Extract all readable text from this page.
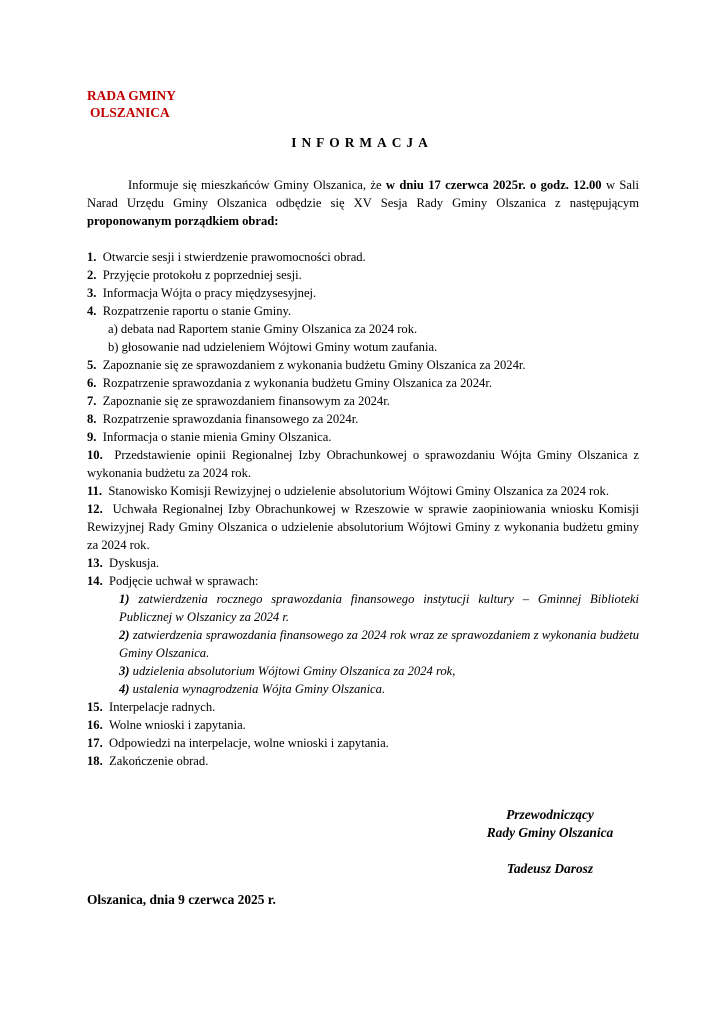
RADA GMINY
OLSZANICA
INFORMACJA
Informuje się mieszkańców Gminy Olszanica, że w dniu 17 czerwca 2025r. o godz. 12.00 w Sali Narad Urzędu Gminy Olszanica odbędzie się XV Sesja Rady Gminy Olszanica z następującym proponowanym porządkiem obrad:
1. Otwarcie sesji i stwierdzenie prawomocności obrad.
2. Przyjęcie protokołu z poprzedniej sesji.
3. Informacja Wójta o pracy międzysesyjnej.
4. Rozpatrzenie raportu o stanie Gminy.
a) debata nad Raportem stanie Gminy Olszanica za 2024 rok.
b) głosowanie nad udzieleniem Wójtowi Gminy wotum zaufania.
5. Zapoznanie się ze sprawozdaniem z wykonania budżetu Gminy Olszanica za 2024r.
6. Rozpatrzenie sprawozdania z wykonania budżetu Gminy Olszanica za 2024r.
7. Zapoznanie się ze sprawozdaniem finansowym za 2024r.
8. Rozpatrzenie sprawozdania finansowego za 2024r.
9. Informacja o stanie mienia Gminy Olszanica.
10. Przedstawienie opinii Regionalnej Izby Obrachunkowej o sprawozdaniu Wójta Gminy Olszanica z wykonania budżetu za 2024 rok.
11. Stanowisko Komisji Rewizyjnej o udzielenie absolutorium Wójtowi Gminy Olszanica za 2024 rok.
12. Uchwała Regionalnej Izby Obrachunkowej w Rzeszowie w sprawie zaopiniowania wniosku Komisji Rewizyjnej Rady Gminy Olszanica o udzielenie absolutorium Wójtowi Gminy z wykonania budżetu gminy za 2024 rok.
13. Dyskusja.
14. Podjęcie uchwał w sprawach:
1) zatwierdzenia rocznego sprawozdania finansowego instytucji kultury – Gminnej Biblioteki Publicznej w Olszanicy za 2024 r.
2) zatwierdzenia sprawozdania finansowego za 2024 rok wraz ze sprawozdaniem z wykonania budżetu Gminy Olszanica.
3) udzielenia absolutorium Wójtowi Gminy Olszanica za 2024 rok,
4) ustalenia wynagrodzenia Wójta Gminy Olszanica.
15. Interpelacje radnych.
16. Wolne wnioski i zapytania.
17. Odpowiedzi na interpelacje, wolne wnioski i zapytania.
18. Zakończenie obrad.
Przewodniczący
Rady Gminy Olszanica
Tadeusz Darosz
Olszanica, dnia 9 czerwca 2025 r.
